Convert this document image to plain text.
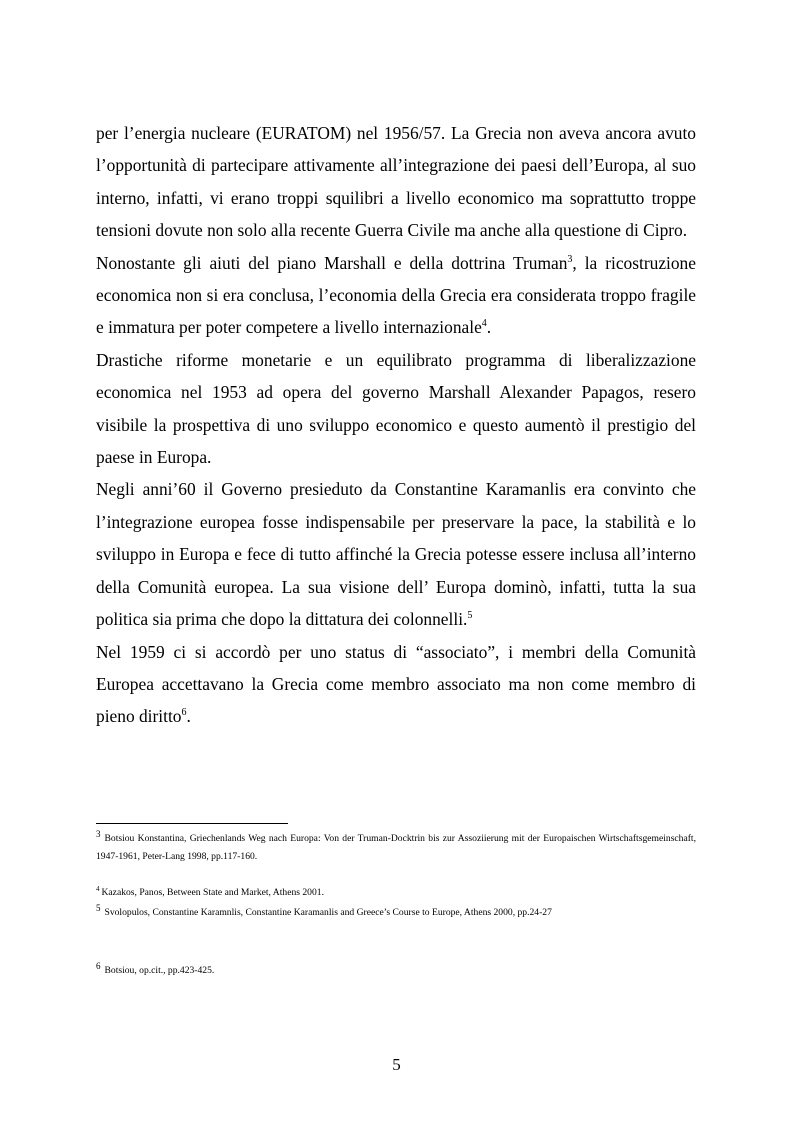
per l’energia nucleare (EURATOM) nel 1956/57. La Grecia non aveva ancora avuto l’opportunità di partecipare attivamente all’integrazione dei paesi dell’Europa, al suo interno, infatti, vi erano troppi squilibri a livello economico ma soprattutto troppe tensioni dovute non solo alla recente Guerra Civile ma anche alla questione di Cipro.

Nonostante gli aiuti del piano Marshall e della dottrina Truman$^3$, la ricostruzione economica non si era conclusa, l’economia della Grecia era considerata troppo fragile e immatura per poter competere a livello internazionale$^4$.

Drastiche riforme monetarie e un equilibrato programma di liberalizzazione economica nel 1953 ad opera del governo Marshall Alexander Papagos, resero visibile la prospettiva di uno sviluppo economico e questo aumentò il prestigio del paese in Europa.

Negli anni’60 il Governo presieduto da Constantine Karamanlis era convinto che l’integrazione europea fosse indispensabile per preservare la pace, la stabilità e lo sviluppo in Europa e fece di tutto affinché la Grecia potesse essere inclusa all’interno della Comunità europea. La sua visione dell’ Europa dominò, infatti, tutta la sua politica sia prima che dopo la dittatura dei colonnelli.$^5$

Nel 1959 ci si accordò per uno status di “associato”, i membri della Comunità Europea accettavano la Grecia come membro associato ma non come membro di pieno diritto$^6$.

3 Botsiou Konstantina, Griechenlands Weg nach Europa: Von der Truman-Docktrin bis zur Assoziierung mit der Europaischen Wirtschaftsgemeinschaft, 1947-1961, Peter-Lang 1998, pp.117-160.

$^4$ Kazakos, Panos, Between State and Market, Athens 2001.

5 Svolopulos, Constantine Karamnlis, Constantine Karamanlis and Greece’s Course to Europe, Athens 2000, pp.24-27

6 Botsiou, op.cit., pp.423-425.

5
